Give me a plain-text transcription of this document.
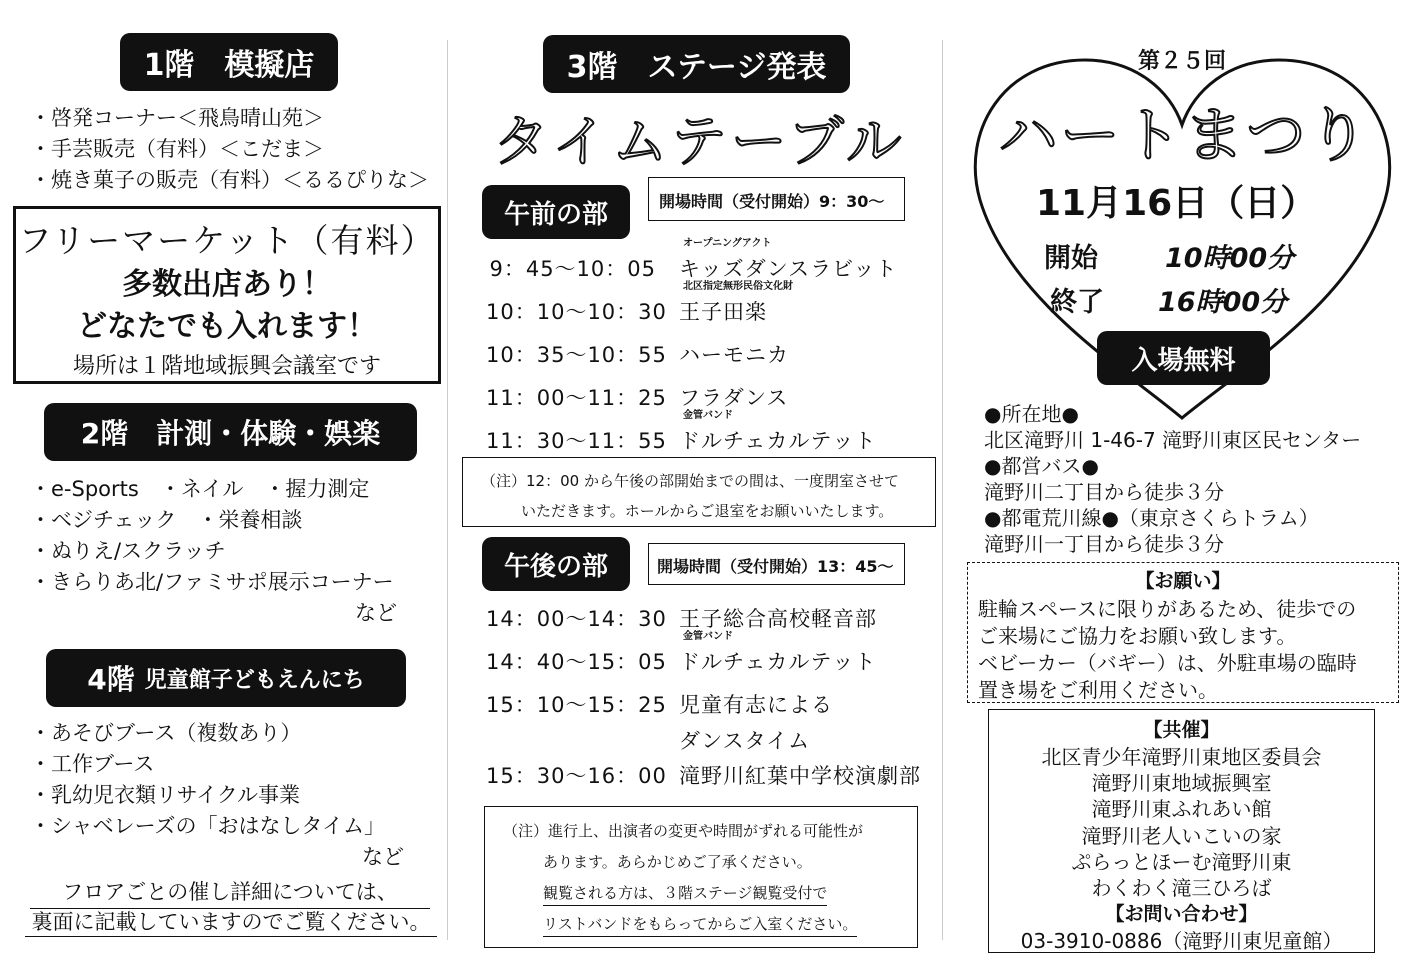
1階　模擬店
・啓発コーナー＜飛鳥晴山苑＞
・手芸販売（有料）＜こだま＞
・焼き菓子の販売（有料）＜るるぴりな＞
フリーマーケット（有料）
多数出店あり！
どなたでも入れます！
場所は１階地域振興会議室です
2階　計測・体験・娯楽
・e-Sports　・ネイル　・握力測定
・ベジチェック　・栄養相談
・ぬりえ/スクラッチ
・きらりあ北/ファミサポ展示コーナー
など
4階 児童館子どもえんにち
・あそびブース（複数あり）
・工作ブース
・乳幼児衣類リサイクル事業
・シャベレーズの「おはなしタイム」
など
フロアごとの催し詳細については、
裏面に記載していますのでご覧ください。
3階　ステージ発表
タイムテーブル
午前の部	開場時間（受付開始）9：30～
9：45～10：05
オープニングアクト
キッズダンスラビット
10：10～10：30
北区指定無形民俗文化財
王子田楽
10：35～10：55 ハーモニカ
11：00～11：25 フラダンス
11：30～11：55
金管バンド
ドルチェカルテット
（注）12：00 から午後の部開始までの間は、一度閉室させて
いただきます。ホールからご退室をお願いいたします。
午後の部	開場時間（受付開始）13：45～
14：00～14：30 王子総合高校軽音部
14：40～15：05
金管バンド
ドルチェカルテット
15：10～15：25 児童有志による
ダンスタイム
15：30～16：00 滝野川紅葉中学校演劇部
（注）進行上、出演者の変更や時間がずれる可能性が
あります。あらかじめご了承ください。
観覧される方は、３階ステージ観覧受付で
リストバンドをもらってからご入室ください。
第２５回
ハートまつり
11月16日（日）
開始 10時00分
終了 16時00分
入場無料
●所在地●
北区滝野川 1-46-7 滝野川東区民センター
●都営バス●
滝野川二丁目から徒歩３分
●都電荒川線●（東京さくらトラム）
滝野川一丁目から徒歩３分
【お願い】
駐輪スペースに限りがあるため、徒歩での
ご来場にご協力をお願い致します。
ベビーカー（バギー）は、外駐車場の臨時
置き場をご利用ください。
【共催】
北区青少年滝野川東地区委員会
滝野川東地域振興室
滝野川東ふれあい館
滝野川老人いこいの家
ぷらっとほーむ滝野川東
わくわく滝三ひろば
【お問い合わせ】
03-3910-0886（滝野川東児童館）
